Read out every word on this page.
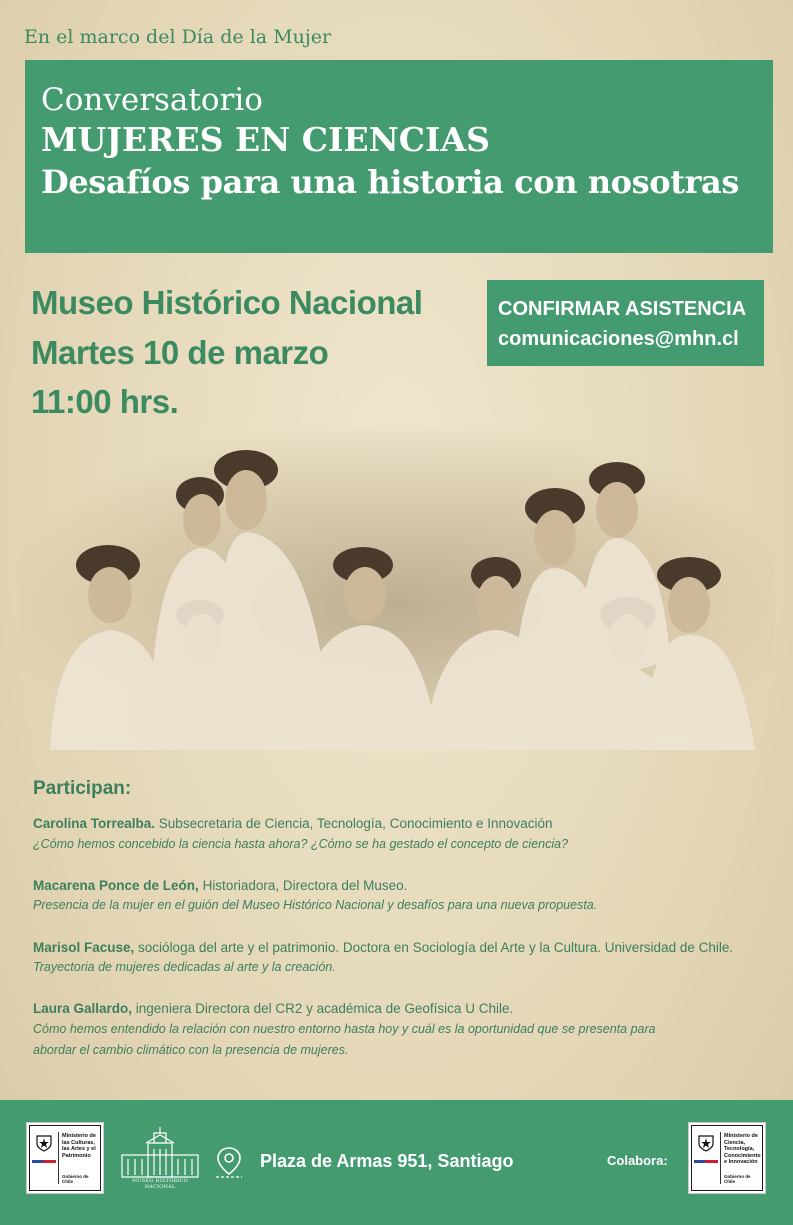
En el marco del Día de la Mujer
Conversatorio
MUJERES EN CIENCIAS
Desafíos para una historia con nosotras
Museo Histórico Nacional
Martes 10 de marzo
11:00 hrs.
CONFIRMAR ASISTENCIA
comunicaciones@mhn.cl
Participan:
Carolina Torrealba. Subsecretaria de Ciencia, Tecnología, Conocimiento e Innovación
¿Cómo hemos concebido la ciencia hasta ahora? ¿Cómo se ha gestado el concepto de ciencia?
Macarena Ponce de León, Historiadora, Directora del Museo.
Presencia de la mujer en el guión del Museo Histórico Nacional y desafíos para una nueva propuesta.
Marisol Facuse, socióloga del arte y el patrimonio. Doctora en Sociología del Arte y la Cultura. Universidad de Chile.
Trayectoria de mujeres dedicadas al arte y la creación.
Laura Gallardo, ingeniera Directora del CR2 y académica de Geofísica U Chile.
Cómo hemos entendido la relación con nuestro entorno hasta hoy y cuál es la oportunidad que se presenta para abordar el cambio climático con la presencia de mujeres.
Ministerio de las Culturas, las Artes y el Patrimonio
Gobierno de Chile	MUSEO HISTÓRICO NACIONAL
Plaza de Armas 951, Santiago	Colabora:
Ministerio de Ciencia, Tecnología, Conocimiento e Innovación
Gobierno de Chile
